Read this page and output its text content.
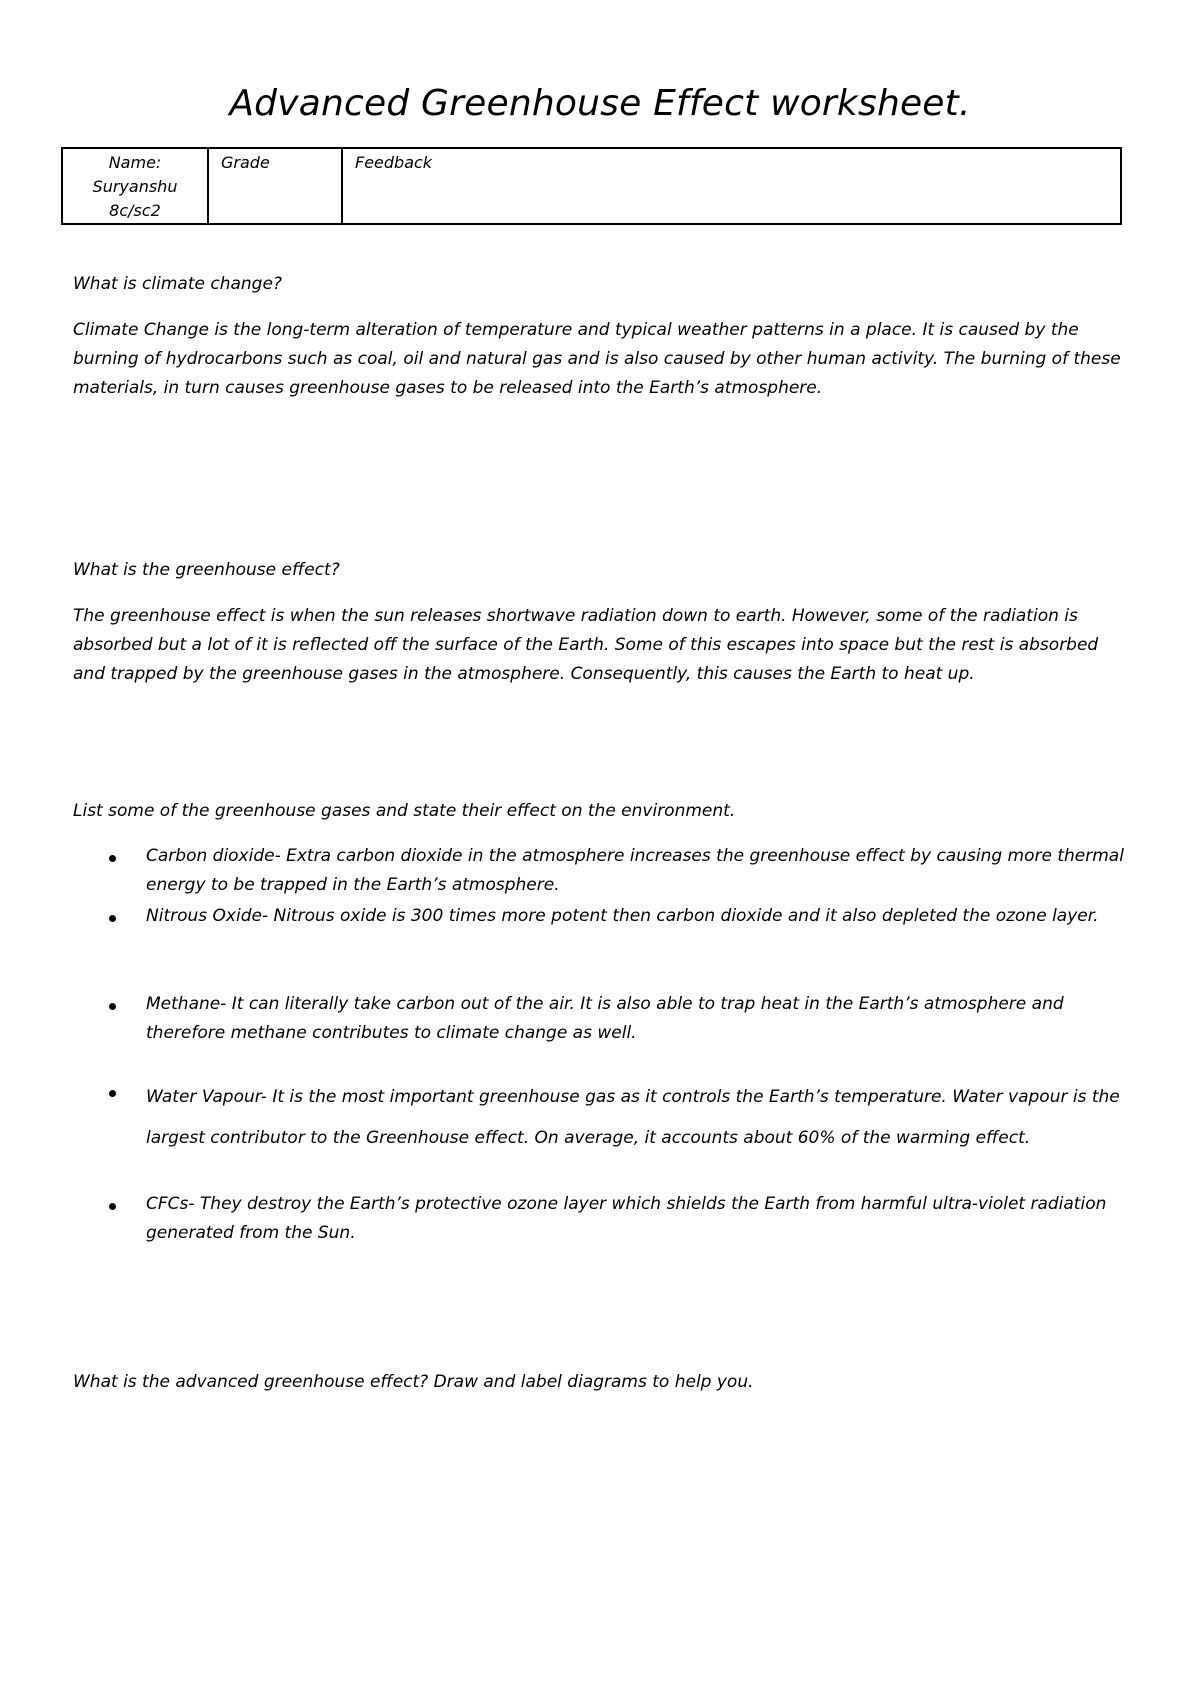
Advanced Greenhouse Effect worksheet.
Name:
Suryanshu
8c/sc2

Grade	Feedback
What is climate change?
Climate Change is the long-term alteration of temperature and typical weather patterns in a place. It is caused by the burning of hydrocarbons such as coal, oil and natural gas and is also caused by other human activity. The burning of these materials, in turn causes greenhouse gases to be released into the Earth’s atmosphere.
What is the greenhouse effect?
The greenhouse effect is when the sun releases shortwave radiation down to earth. However, some of the radiation is absorbed but a lot of it is reflected off the surface of the Earth. Some of this escapes into space but the rest is absorbed and trapped by the greenhouse gases in the atmosphere. Consequently, this causes the Earth to heat up.
List some of the greenhouse gases and state their effect on the environment.
Carbon dioxide- Extra carbon dioxide in the atmosphere increases the greenhouse effect by causing more thermal energy to be trapped in the Earth’s atmosphere.
Nitrous Oxide- Nitrous oxide is 300 times more potent then carbon dioxide and it also depleted the ozone layer.
Methane- It can literally take carbon out of the air. It is also able to trap heat in the Earth’s atmosphere and therefore methane contributes to climate change as well.
Water Vapour- It is the most important greenhouse gas as it controls the Earth’s temperature. Water vapour is the largest contributor to the Greenhouse effect. On average, it accounts about 60% of the warming effect.
CFCs- They destroy the Earth’s protective ozone layer which shields the Earth from harmful ultra-violet radiation generated from the Sun.
What is the advanced greenhouse effect? Draw and label diagrams to help you.
